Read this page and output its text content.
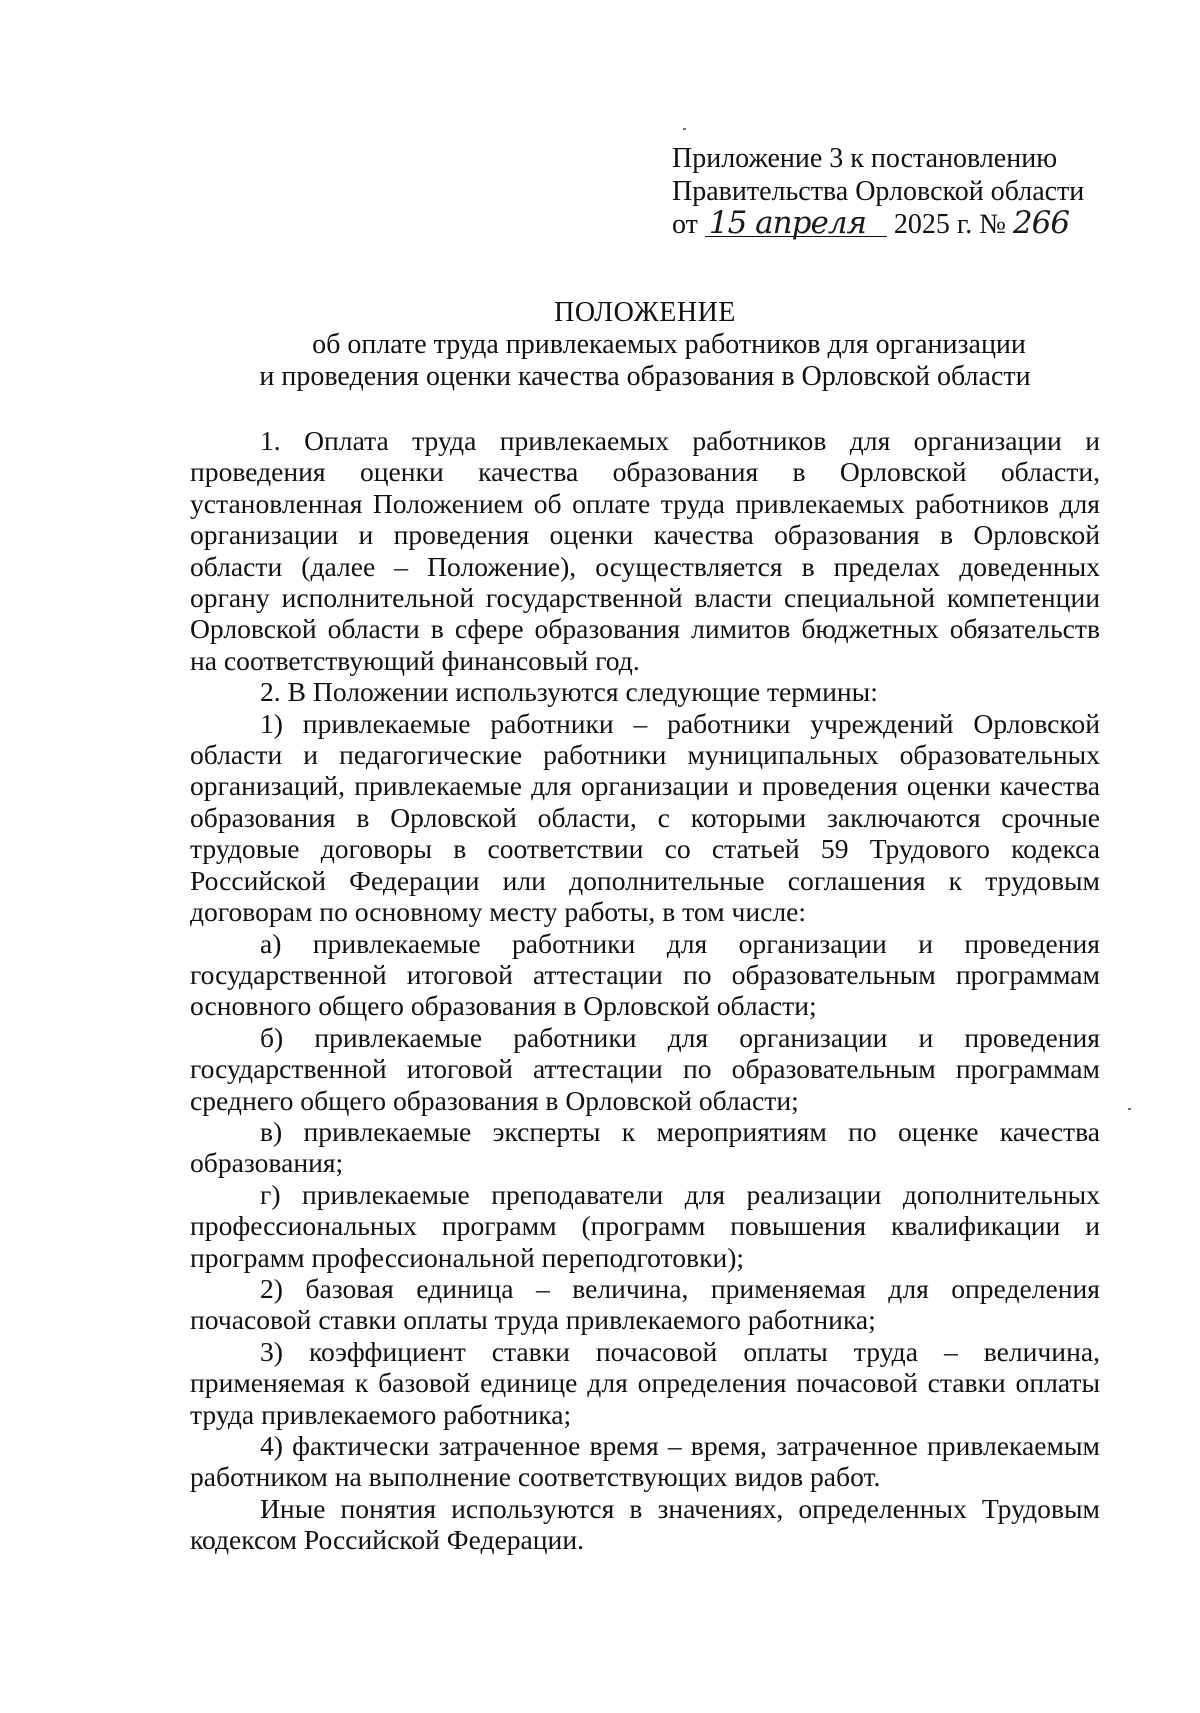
Приложение 3 к постановлению
Правительства Орловской области
от 15 апреля 2025 г. № 266
ПОЛОЖЕНИЕ
об оплате труда привлекаемых работников для организации
и проведения оценки качества образования в Орловской области

1. Оплата труда привлекаемых работников для организации и проведения оценки качества образования в Орловской области, установленная Положением об оплате труда привлекаемых работников для организации и проведения оценки качества образования в Орловской области (далее – Положение), осуществляется в пределах доведенных органу исполнительной государственной власти специальной компетенции Орловской области в сфере образования лимитов бюджетных обязательств на соответствующий финансовый год.

2. В Положении используются следующие термины:

1) привлекаемые работники – работники учреждений Орловской области и педагогические работники муниципальных образовательных организаций, привлекаемые для организации и проведения оценки качества образования в Орловской области, с которыми заключаются срочные трудовые договоры в соответствии со статьей 59 Трудового кодекса Российской Федерации или дополнительные соглашения к трудовым договорам по основному месту работы, в том числе:

а) привлекаемые работники для организации и проведения государственной итоговой аттестации по образовательным программам основного общего образования в Орловской области;

б) привлекаемые работники для организации и проведения государственной итоговой аттестации по образовательным программам среднего общего образования в Орловской области;

в) привлекаемые эксперты к мероприятиям по оценке качества образования;

г) привлекаемые преподаватели для реализации дополнительных профессиональных программ (программ повышения квалификации и программ профессиональной переподготовки);

2) базовая единица – величина, применяемая для определения почасовой ставки оплаты труда привлекаемого работника;

3) коэффициент ставки почасовой оплаты труда – величина, применяемая к базовой единице для определения почасовой ставки оплаты труда привлекаемого работника;

4) фактически затраченное время – время, затраченное привлекаемым работником на выполнение соответствующих видов работ.

Иные понятия используются в значениях, определенных Трудовым кодексом Российской Федерации.
